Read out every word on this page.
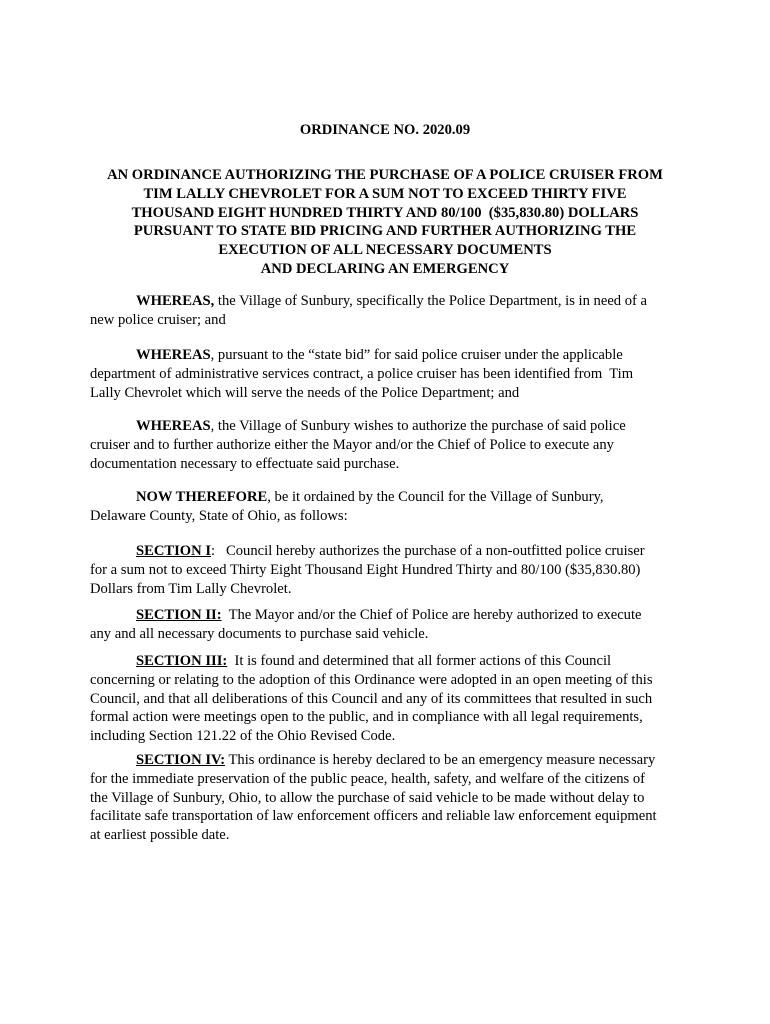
ORDINANCE NO. 2020.09
AN ORDINANCE AUTHORIZING THE PURCHASE OF A POLICE CRUISER FROM
TIM LALLY CHEVROLET FOR A SUM NOT TO EXCEED THIRTY FIVE
THOUSAND EIGHT HUNDRED THIRTY AND 80/100  ($35,830.80) DOLLARS
PURSUANT TO STATE BID PRICING AND FURTHER AUTHORIZING THE
EXECUTION OF ALL NECESSARY DOCUMENTS
AND DECLARING AN EMERGENCY

WHEREAS, the Village of Sunbury, specifically the Police Department, is in need of a
new police cruiser; and

WHEREAS, pursuant to the “state bid” for said police cruiser under the applicable
department of administrative services contract, a police cruiser has been identified from  Tim
Lally Chevrolet which will serve the needs of the Police Department; and

WHEREAS, the Village of Sunbury wishes to authorize the purchase of said police
cruiser and to further authorize either the Mayor and/or the Chief of Police to execute any
documentation necessary to effectuate said purchase.

NOW THEREFORE, be it ordained by the Council for the Village of Sunbury,
Delaware County, State of Ohio, as follows:

SECTION I:   Council hereby authorizes the purchase of a non-outfitted police cruiser
for a sum not to exceed Thirty Eight Thousand Eight Hundred Thirty and 80/100 ($35,830.80)
Dollars from Tim Lally Chevrolet.

SECTION II:  The Mayor and/or the Chief of Police are hereby authorized to execute
any and all necessary documents to purchase said vehicle.

SECTION III:  It is found and determined that all former actions of this Council
concerning or relating to the adoption of this Ordinance were adopted in an open meeting of this
Council, and that all deliberations of this Council and any of its committees that resulted in such
formal action were meetings open to the public, and in compliance with all legal requirements,
including Section 121.22 of the Ohio Revised Code.

SECTION IV: This ordinance is hereby declared to be an emergency measure necessary
for the immediate preservation of the public peace, health, safety, and welfare of the citizens of
the Village of Sunbury, Ohio, to allow the purchase of said vehicle to be made without delay to
facilitate safe transportation of law enforcement officers and reliable law enforcement equipment
at earliest possible date.
